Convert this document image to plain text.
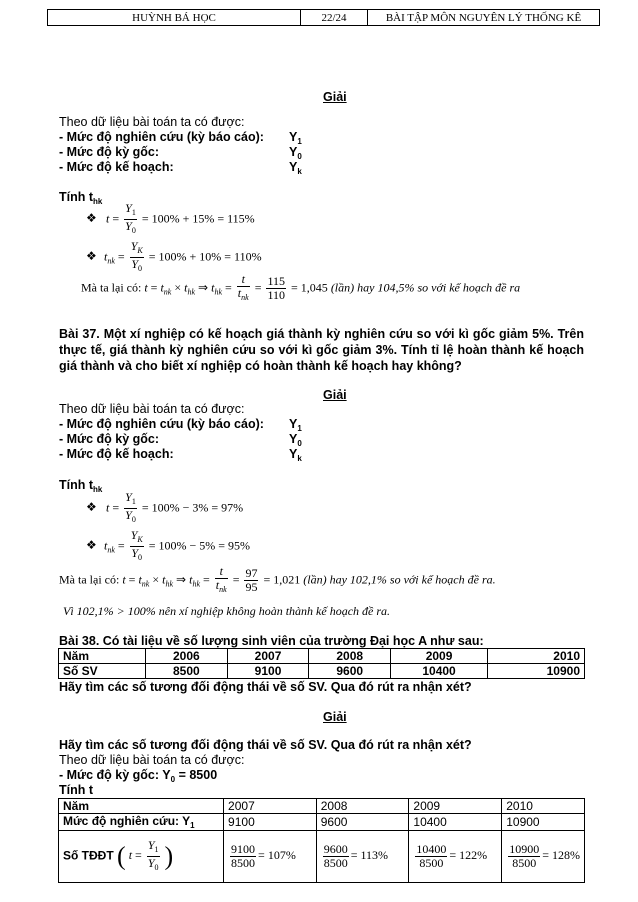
HUỲNH BÁ HỌC	22/24	BÀI TẬP MÔN NGUYÊN LÝ THỐNG KÊ
Giải
Theo dữ liệu bài toán ta có được:
- Mức độ nghiên cứu (kỳ báo cáo): $Y_1$
- Mức độ kỳ gốc:	$Y_0$
- Mức độ kế hoạch:	$Y_k$
Tính $t_{hk}$
❖ $t = \frac{Y_1}{Y_0} = 100\% + 15\% = 115\%$
❖ $t_{nk} = \frac{Y_K}{Y_0} = 100\% + 10\% = 110\%$
Mà ta lại có: $t = t_{nk} \times t_{hk}$ ⇒ $t_{hk} = \frac{t}{t_{nk}} = \frac{115}{110} = 1,045$ (lần) hay 104,5% so với kế hoạch đề ra
Bài 37. Một xí nghiệp có kế hoạch giá thành kỳ nghiên cứu so với kì gốc giảm 5%. Trên thực tế, giá thành kỳ nghiên cứu so với kì gốc giảm 3%. Tính tỉ lệ hoàn thành kế hoạch giá thành và cho biết xí nghiệp có hoàn thành kế hoạch hay không?
Giải
Theo dữ liệu bài toán ta có được:
- Mức độ nghiên cứu (kỳ báo cáo): $Y_1$
- Mức độ kỳ gốc:	$Y_0$
- Mức độ kế hoạch:	$Y_k$
Tính $t_{hk}$
❖ $t = \frac{Y_1}{Y_0} = 100\% - 3\% = 97\%$
❖ $t_{nk} = \frac{Y_K}{Y_0} = 100\% - 5\% = 95\%$
Mà ta lại có: $t = t_{nk} \times t_{hk}$ ⇒ $t_{hk} = \frac{t}{t_{nk}} = \frac{97}{95} = 1,021$ (lần) hay 102,1% so với kế hoạch đề ra.
Vì 102,1% > 100% nên xí nghiệp không hoàn thành kế hoạch đề ra.
Bài 38. Có tài liệu về số lượng sinh viên của trường Đại học A như sau:
Năm	2006	2007	2008	2009	2010
Số SV	8500	9100	9600	10400	10900
Hãy tìm các số tương đối động thái về số SV. Qua đó rút ra nhận xét?
Giải
Hãy tìm các số tương đối động thái về số SV. Qua đó rút ra nhận xét?
Theo dữ liệu bài toán ta có được:
- Mức độ kỳ gốc: $Y_0 = 8500$
Tính t
Năm	2007	2008	2009	2010
Mức độ nghiên cứu: $Y_1$	9100	9600	10400	10900
Số TĐĐT ( $t = \frac{Y_1}{Y_0}$ )	$\frac{9100}{8500} = 107\%$	$\frac{9600}{8500} = 113\%$	$\frac{10400}{8500} = 122\%$	$\frac{10900}{8500} = 128\%$
